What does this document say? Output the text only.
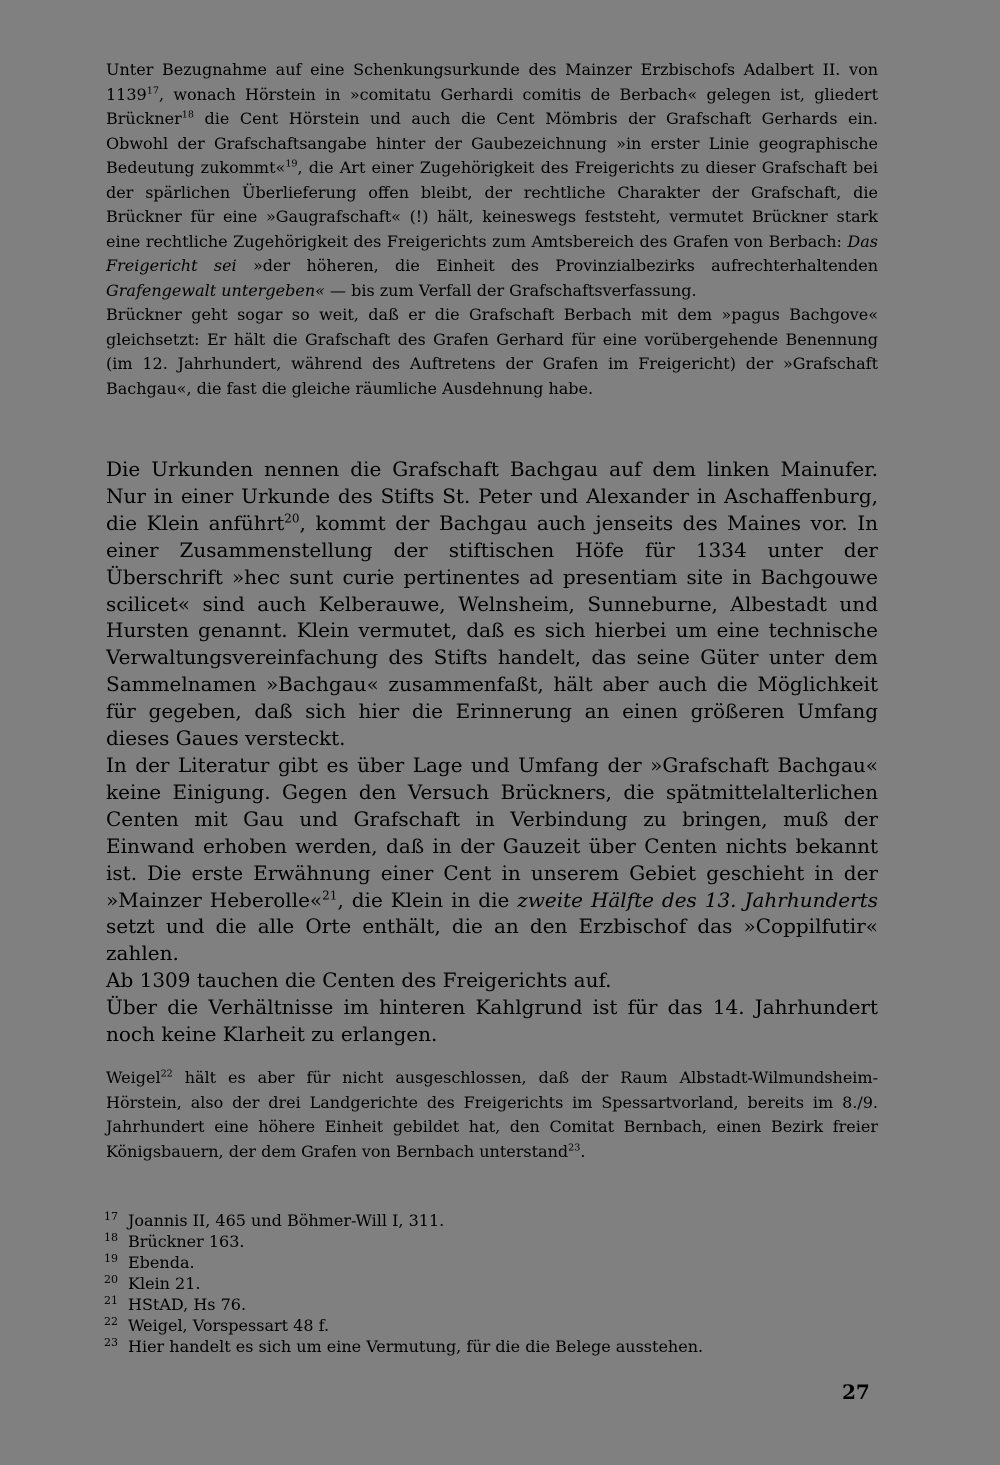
Unter Bezugnahme auf eine Schenkungsurkunde des Mainzer Erzbischofs Adalbert II. von 1139$^{17}$, wonach Hörstein in »comitatu Gerhardi comitis de Berbach« gelegen ist, gliedert Brückner$^{18}$ die Cent Hörstein und auch die Cent Mömbris der Grafschaft Gerhards ein. Obwohl der Grafschaftsangabe hinter der Gaubezeichnung »in erster Linie geographische Bedeutung zukommt«$^{19}$, die Art einer Zugehörigkeit des Freigerichts zu dieser Grafschaft bei der spärlichen Überlieferung offen bleibt, der rechtliche Charakter der Grafschaft, die Brückner für eine »Gaugrafschaft« (!) hält, keineswegs feststeht, vermutet Brückner stark eine rechtliche Zugehörigkeit des Freigerichts zum Amtsbereich des Grafen von Berbach: Das Freigericht sei »der höheren, die Einheit des Provinzialbezirks aufrechterhaltenden Grafengewalt untergeben« — bis zum Verfall der Grafschaftsverfassung.

Brückner geht sogar so weit, daß er die Grafschaft Berbach mit dem »pagus Bachgove« gleichsetzt: Er hält die Grafschaft des Grafen Gerhard für eine vorübergehende Benennung (im 12. Jahrhundert, während des Auftretens der Grafen im Freigericht) der »Grafschaft Bachgau«, die fast die gleiche räumliche Ausdehnung habe.

Die Urkunden nennen die Grafschaft Bachgau auf dem linken Mainufer. Nur in einer Urkunde des Stifts St. Peter und Alexander in Aschaffenburg, die Klein anführt$^{20}$, kommt der Bachgau auch jenseits des Maines vor. In einer Zusammenstellung der stiftischen Höfe für 1334 unter der Überschrift »hec sunt curie pertinentes ad presentiam site in Bachgouwe scilicet« sind auch Kelberauwe, Welnsheim, Sunneburne, Albestadt und Hursten genannt. Klein vermutet, daß es sich hierbei um eine technische Verwaltungsvereinfachung des Stifts handelt, das seine Güter unter dem Sammelnamen »Bachgau« zusammenfaßt, hält aber auch die Möglichkeit für gegeben, daß sich hier die Erinnerung an einen größeren Umfang dieses Gaues versteckt.

In der Literatur gibt es über Lage und Umfang der »Grafschaft Bachgau« keine Einigung. Gegen den Versuch Brückners, die spätmittelalterlichen Centen mit Gau und Grafschaft in Verbindung zu bringen, muß der Einwand erhoben werden, daß in der Gauzeit über Centen nichts bekannt ist. Die erste Erwähnung einer Cent in unserem Gebiet geschieht in der »Mainzer Heberolle«$^{21}$, die Klein in die zweite Hälfte des 13. Jahrhunderts setzt und die alle Orte enthält, die an den Erzbischof das »Coppilfutir« zahlen.

Ab 1309 tauchen die Centen des Freigerichts auf.

Über die Verhältnisse im hinteren Kahlgrund ist für das 14. Jahrhundert noch keine Klarheit zu erlangen.

Weigel$^{22}$ hält es aber für nicht ausgeschlossen, daß der Raum Albstadt-Wilmundsheim-Hörstein, also der drei Landgerichte des Freigerichts im Spessartvorland, bereits im 8./9. Jahrhundert eine höhere Einheit gebildet hat, den Comitat Bernbach, einen Bezirk freier Königsbauern, der dem Grafen von Bernbach unterstand$^{23}$.

17 Joannis II, 465 und Böhmer-Will I, 311.
18 Brückner 163.
19 Ebenda.
20 Klein 21.
21 HStAD, Hs 76.
22 Weigel, Vorspessart 48 f.
23 Hier handelt es sich um eine Vermutung, für die die Belege ausstehen.
27
